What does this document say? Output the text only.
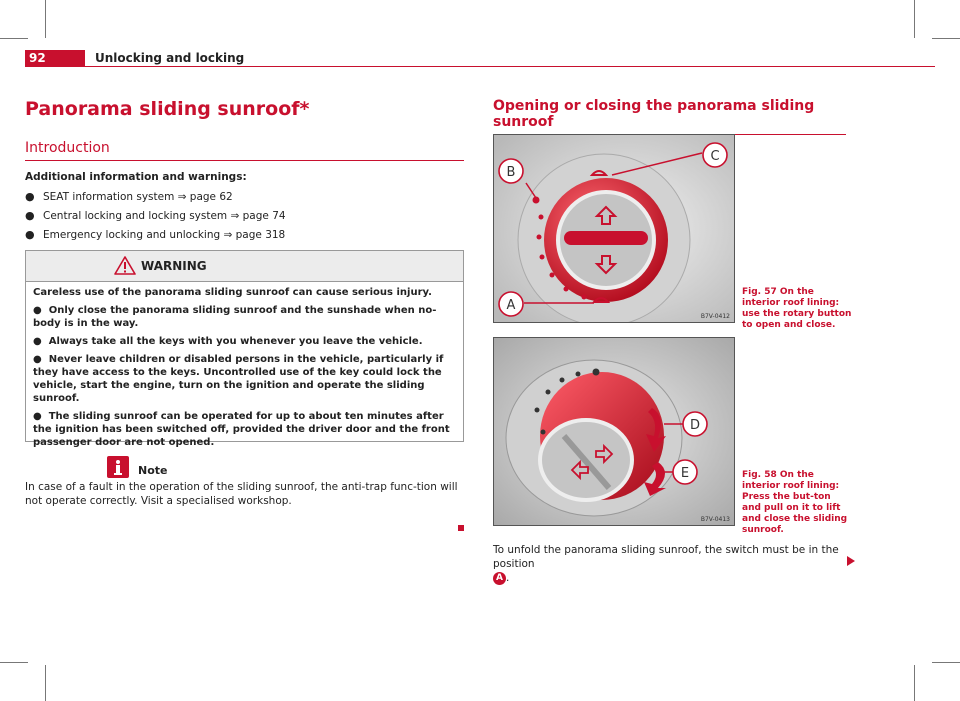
92	Unlocking and locking
Panorama sliding sunroof*
Introduction
Additional information and warnings:
● SEAT information system ⇒ page 62
● Central locking and locking system ⇒ page 74
● Emergency locking and unlocking ⇒ page 318
WARNING

Careless use of the panorama sliding sunroof can cause serious injury.

●  Only close the panorama sliding sunroof and the sunshade when no-body is in the way.

●  Always take all the keys with you whenever you leave the vehicle.

●  Never leave children or disabled persons in the vehicle, particularly if they have access to the keys. Uncontrolled use of the key could lock the vehicle, start the engine, turn on the ignition and operate the sliding sunroof.

●  The sliding sunroof can be operated for up to about ten minutes after the ignition has been switched off, provided the driver door and the front passenger door are not opened.

Note
In case of a fault in the operation of the sliding sunroof, the anti-trap func-tion will not operate correctly. Visit a specialised workshop.
Opening or closing the panorama sliding sunroof
B
C
A
B7V-0412
Fig. 57 On the interior roof lining: use the rotary button to open and close.
D
E
B7V-0413
Fig. 58 On the interior roof lining: Press the but-ton and pull on it to lift and close the sliding sunroof.
To unfold the panorama sliding sunroof, the switch must be in the position
A .
